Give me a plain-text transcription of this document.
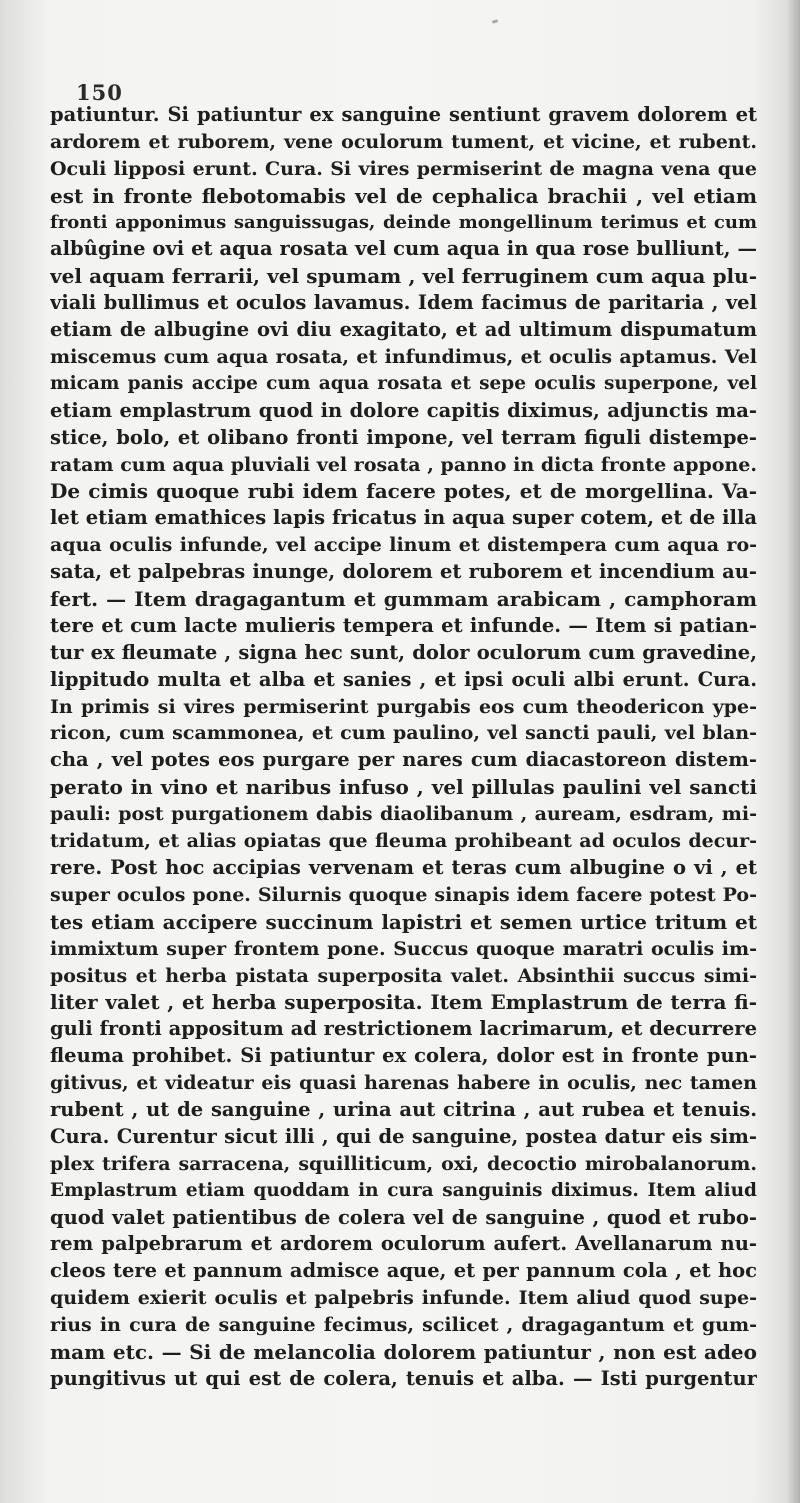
150
patiuntur. Si patiuntur ex sanguine sentiunt gravem dolorem et
ardorem et ruborem, vene oculorum tument, et vicine, et rubent.
Oculi lipposi erunt. Cura. Si vires permiserint de magna vena que
est in fronte flebotomabis vel de cephalica brachii , vel etiam
fronti apponimus sanguissugas, deinde mongellinum terimus et cum
albûgine ovi et aqua rosata vel cum aqua in qua rose bulliunt, —
vel aquam ferrarii, vel spumam , vel ferruginem cum aqua plu-
viali bullimus et oculos lavamus. Idem facimus de paritaria , vel
etiam de albugine ovi diu exagitato, et ad ultimum dispumatum
miscemus cum aqua rosata, et infundimus, et oculis aptamus. Vel
micam panis accipe cum aqua rosata et sepe oculis superpone, vel
etiam emplastrum quod in dolore capitis diximus, adjunctis ma-
stice, bolo, et olibano fronti impone, vel terram figuli distempe-
ratam cum aqua pluviali vel rosata , panno in dicta fronte appone.
De cimis quoque rubi idem facere potes, et de morgellina. Va-
let etiam emathices lapis fricatus in aqua super cotem, et de illa
aqua oculis infunde, vel accipe linum et distempera cum aqua ro-
sata, et palpebras inunge, dolorem et ruborem et incendium au-
fert. — Item dragagantum et gummam arabicam , camphoram
tere et cum lacte mulieris tempera et infunde. — Item si patian-
tur ex fleumate , signa hec sunt, dolor oculorum cum gravedine,
lippitudo multa et alba et sanies , et ipsi oculi albi erunt. Cura.
In primis si vires permiserint purgabis eos cum theodericon ype-
ricon, cum scammonea, et cum paulino, vel sancti pauli, vel blan-
cha , vel potes eos purgare per nares cum diacastoreon distem-
perato in vino et naribus infuso , vel pillulas paulini vel sancti
pauli: post purgationem dabis diaolibanum , auream, esdram, mi-
tridatum, et alias opiatas que fleuma prohibeant ad oculos decur-
rere. Post hoc accipias vervenam et teras cum albugine o vi , et
super oculos pone. Silurnis quoque sinapis idem facere potest Po-
tes etiam accipere succinum lapistri et semen urtice tritum et
immixtum super frontem pone. Succus quoque maratri oculis im-
positus et herba pistata superposita valet. Absinthii succus simi-
liter valet , et herba superposita. Item Emplastrum de terra fi-
guli fronti appositum ad restrictionem lacrimarum, et decurrere
fleuma prohibet. Si patiuntur ex colera, dolor est in fronte pun-
gitivus, et videatur eis quasi harenas habere in oculis, nec tamen
rubent , ut de sanguine , urina aut citrina , aut rubea et tenuis.
Cura. Curentur sicut illi , qui de sanguine, postea datur eis sim-
plex trifera sarracena, squilliticum, oxi, decoctio mirobalanorum.
Emplastrum etiam quoddam in cura sanguinis diximus. Item aliud
quod valet patientibus de colera vel de sanguine , quod et rubo-
rem palpebrarum et ardorem oculorum aufert. Avellanarum nu-
cleos tere et pannum admisce aque, et per pannum cola , et hoc
quidem exierit oculis et palpebris infunde. Item aliud quod supe-
rius in cura de sanguine fecimus, scilicet , dragagantum et gum-
mam etc. — Si de melancolia dolorem patiuntur , non est adeo
pungitivus ut qui est de colera, tenuis et alba. — Isti purgentur
